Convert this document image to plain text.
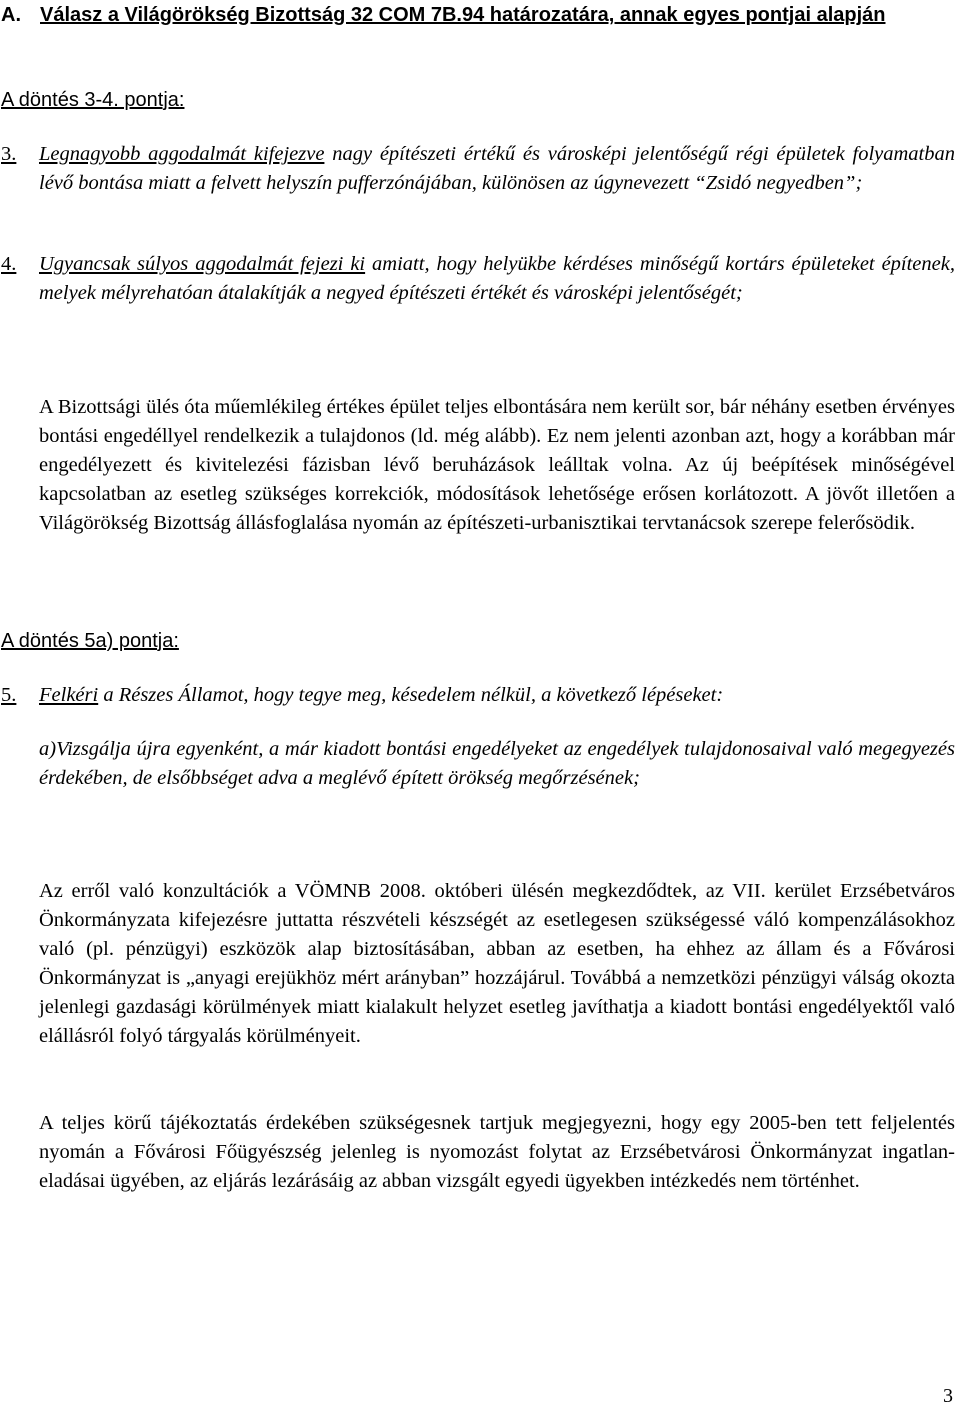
A. Válasz a Világörökség Bizottság 32 COM 7B.94 határozatára, annak egyes pontjai alapján
A döntés 3-4. pontja:
3. Legnagyobb aggodalmát kifejezve nagy építészeti értékű és városképi jelentőségű régi épületek folyamatban lévő bontása miatt a felvett helyszín pufferzónájában, különösen az úgynevezett “Zsidó negyedben”;
4. Ugyancsak súlyos aggodalmát fejezi ki amiatt, hogy helyükbe kérdéses minőségű kortárs épületeket építenek, melyek mélyrehatóan átalakítják a negyed építészeti értékét és városképi jelentőségét;
A Bizottsági ülés óta műemlékileg értékes épület teljes elbontására nem került sor, bár néhány esetben érvényes bontási engedéllyel rendelkezik a tulajdonos (ld. még alább). Ez nem jelenti azonban azt, hogy a korábban már engedélyezett és kivitelezési fázisban lévő beruházások leálltak volna. Az új beépítések minőségével kapcsolatban az esetleg szükséges korrekciók, módosítások lehetősége erősen korlátozott. A jövőt illetően a Világörökség Bizottság állásfoglalása nyomán az építészeti-urbanisztikai tervtanácsok szerepe felerősödik.
A döntés 5a) pontja:
5. Felkéri a Részes Államot, hogy tegye meg, késedelem nélkül, a következő lépéseket:
a)Vizsgálja újra egyenként, a már kiadott bontási engedélyeket az engedélyek tulajdonosaival való megegyezés érdekében, de elsőbbséget adva a meglévő épített örökség megőrzésének;
Az erről való konzultációk a VÖMNB 2008. októberi ülésén megkezdődtek, az VII. kerület Erzsébetváros Önkormányzata kifejezésre juttatta részvételi készségét az esetlegesen szükségessé váló kompenzálásokhoz való (pl. pénzügyi) eszközök alap biztosításában, abban az esetben, ha ehhez az állam és a Fővárosi Önkormányzat is „anyagi erejükhöz mért arányban” hozzájárul. Továbbá a nemzetközi pénzügyi válság okozta jelenlegi gazdasági körülmények miatt kialakult helyzet esetleg javíthatja a kiadott bontási engedélyektől való elállásról folyó tárgyalás körülményeit.
A teljes körű tájékoztatás érdekében szükségesnek tartjuk megjegyezni, hogy egy 2005-ben tett feljelentés nyomán a Fővárosi Főügyészség jelenleg is nyomozást folytat az Erzsébetvárosi Önkormányzat ingatlan-eladásai ügyében, az eljárás lezárásáig az abban vizsgált egyedi ügyekben intézkedés nem történhet.
3
